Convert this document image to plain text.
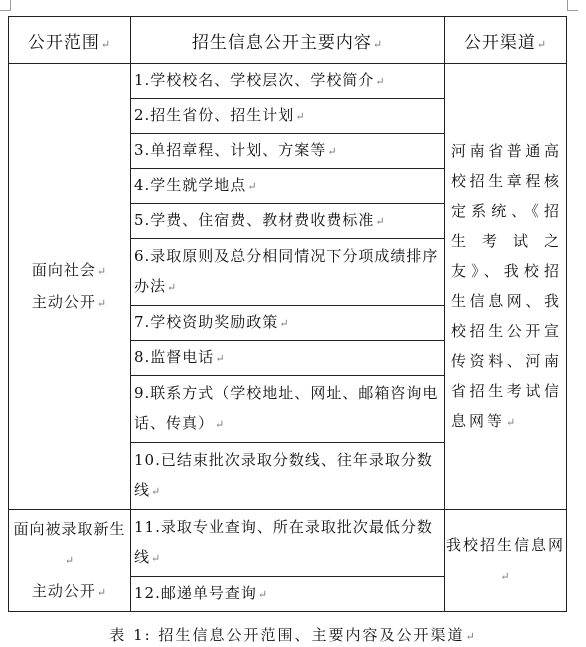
公开范围↵	招生信息公开主要内容↵	公开渠道↵
面向社会↵
主动公开↵	1.学校校名、学校层次、学校简介↵	河南省普通高校招生章程核定系统、《招生考试之友》、我校招生信息网、我校招生公开宣传资料、河南省招生考试信息网等↵
	2.招生省份、招生计划↵	
	3.单招章程、计划、方案等↵	
	4.学生就学地点↵	
	5.学费、住宿费、教材费收费标准↵	
	6.录取原则及总分相同情况下分项成绩排序办法↵	
	7.学校资助奖励政策↵	
	8.监督电话↵	
	9.联系方式（学校地址、网址、邮箱咨询电话、传真）↵	
	10.已结束批次录取分数线、往年录取分数线↵	
面向被录取新生↵
主动公开↵	11.录取专业查询、所在录取批次最低分数线↵	我校招生信息网↵
	12.邮递单号查询↵	
表 1: 招生信息公开范围、主要内容及公开渠道↵
